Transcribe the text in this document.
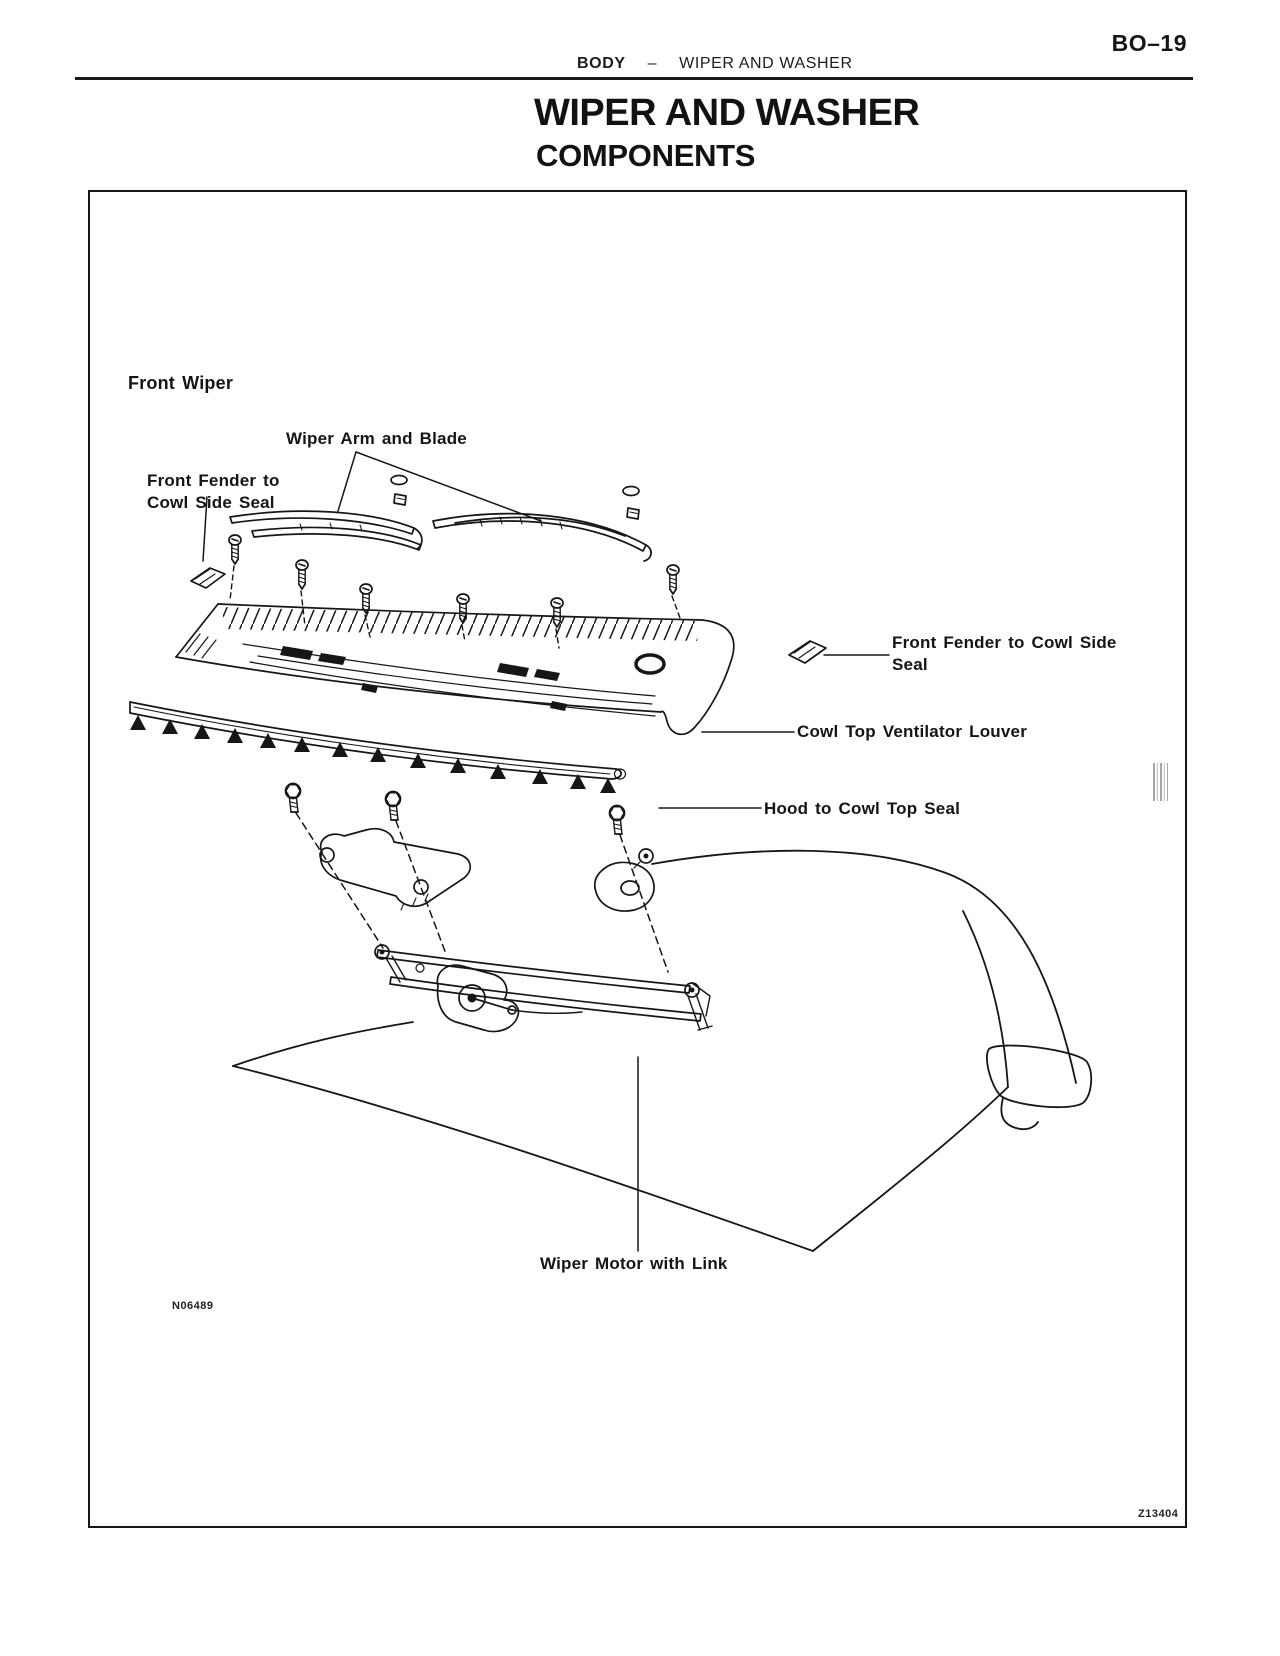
BO–19
BODY – WIPER AND WASHER
WIPER AND WASHER
COMPONENTS
Front Wiper
Wiper Arm and Blade
Front Fender to
Cowl Side Seal
Front Fender to Cowl Side
Seal
Cowl Top Ventilator Louver
Hood to Cowl Top Seal
Wiper Motor with Link
N06489
Z13404
